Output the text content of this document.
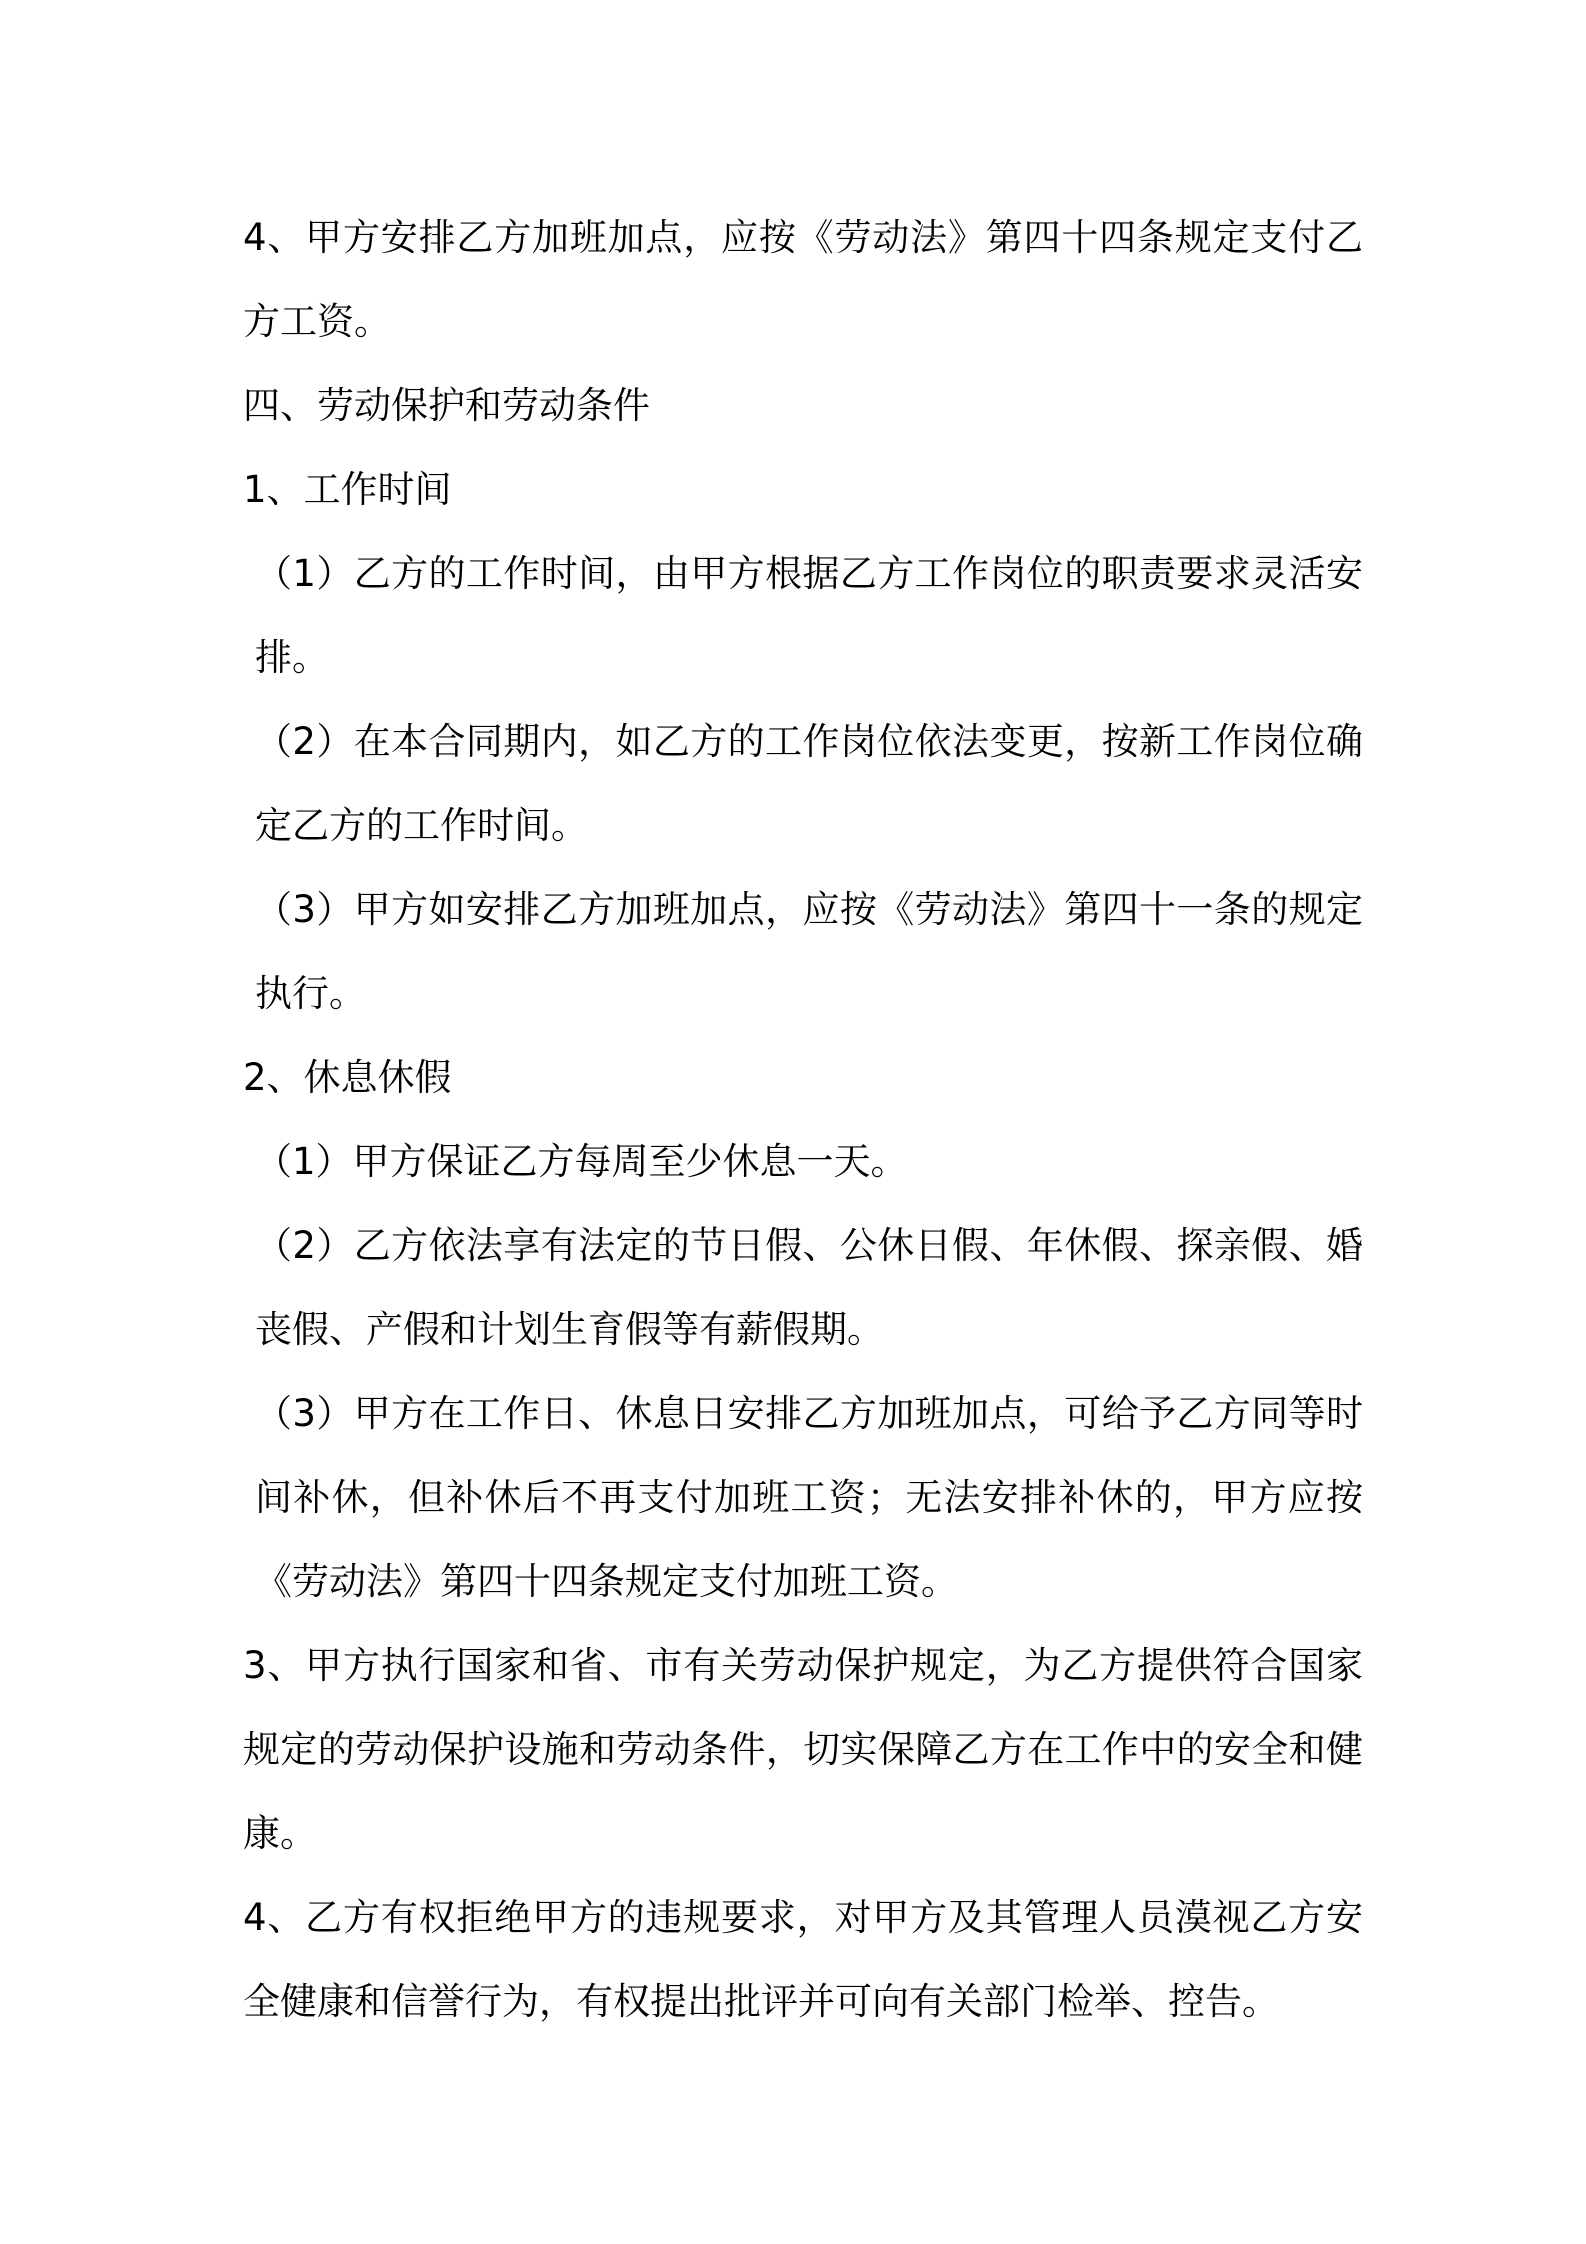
4、甲方安排乙方加班加点，应按《劳动法》第四十四条规定支付乙方工资。

四、劳动保护和劳动条件

1、工作时间

（1）乙方的工作时间，由甲方根据乙方工作岗位的职责要求灵活安排。

（2）在本合同期内，如乙方的工作岗位依法变更，按新工作岗位确定乙方的工作时间。

（3）甲方如安排乙方加班加点，应按《劳动法》第四十一条的规定执行。

2、休息休假

（1）甲方保证乙方每周至少休息一天。

（2）乙方依法享有法定的节日假、公休日假、年休假、探亲假、婚丧假、产假和计划生育假等有薪假期。

（3）甲方在工作日、休息日安排乙方加班加点，可给予乙方同等时间补休，但补休后不再支付加班工资；无法安排补休的，甲方应按《劳动法》第四十四条规定支付加班工资。

3、甲方执行国家和省、市有关劳动保护规定，为乙方提供符合国家规定的劳动保护设施和劳动条件，切实保障乙方在工作中的安全和健康。

4、乙方有权拒绝甲方的违规要求，对甲方及其管理人员漠视乙方安全健康和信誉行为，有权提出批评并可向有关部门检举、控告。
